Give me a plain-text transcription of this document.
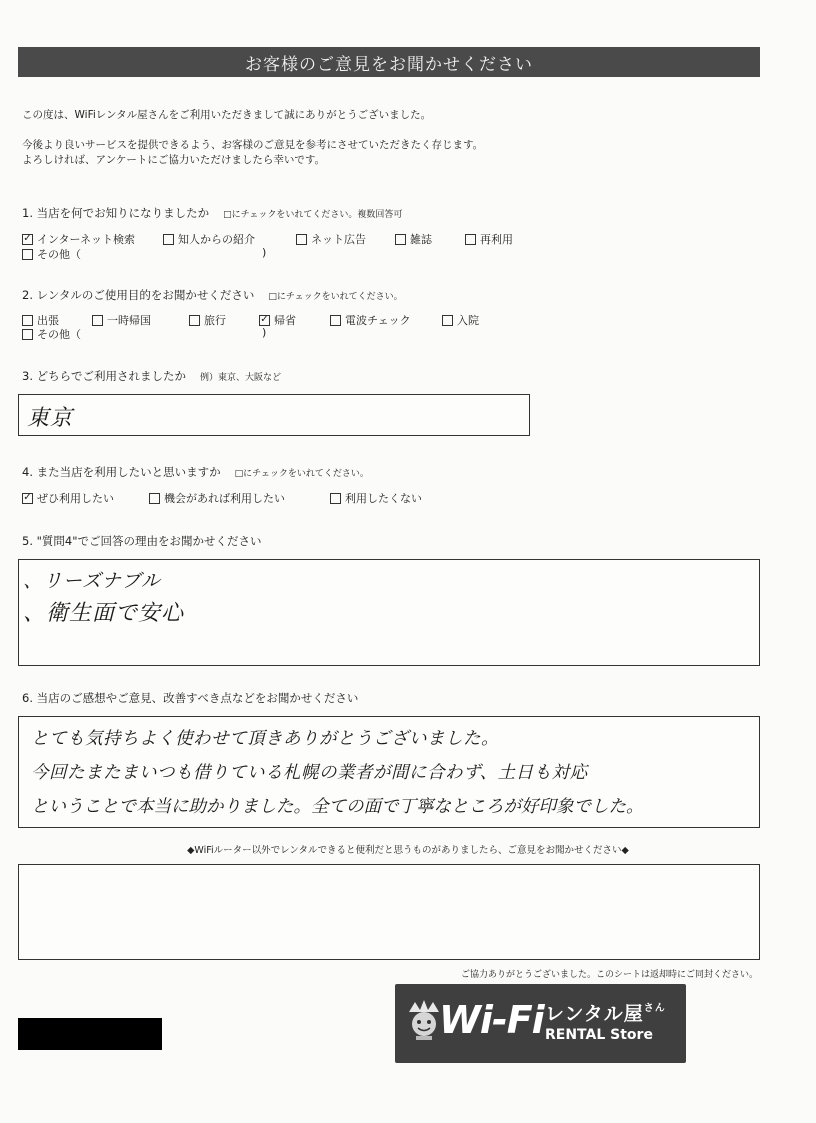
お客様のご意見をお聞かせください
この度は、WiFiレンタル屋さんをご利用いただきまして誠にありがとうございました。
今後より良いサービスを提供できるよう、お客様のご意見を参考にさせていただきたく存じます。
よろしければ、アンケートにご協力いただけましたら幸いです。
1. 当店を何でお知りになりましたか □にチェックをいれてください。複数回答可
✓ インターネット検索	知人からの紹介	ネット広告	雑誌	再利用
その他（	)
2. レンタルのご使用目的をお聞かせください □にチェックをいれてください。
出張	一時帰国	旅行	✓ 帰省	電波チェック	入院
その他（	)
3. どちらでご利用されましたか 例）東京、大阪など
東京
4. また当店を利用したいと思いますか □にチェックをいれてください。
✓ ぜひ利用したい	機会があれば利用したい	利用したくない
5. "質問4"でご回答の理由をお聞かせください
、リーズナブル
、衛生面で安心
6. 当店のご感想やご意見、改善すべき点などをお聞かせください
とても気持ちよく使わせて頂きありがとうございました。
今回たまたまいつも借りている札幌の業者が間に合わず、土日も対応
ということで本当に助かりました。全ての面で丁寧なところが好印象でした。
◆WiFiルーター以外でレンタルできると便利だと思うものがありましたら、ご意見をお聞かせください◆
ご協力ありがとうございました。このシートは返却時にご同封ください。
Wi-Fi レンタル屋$^{さん}$
RENTAL Store
